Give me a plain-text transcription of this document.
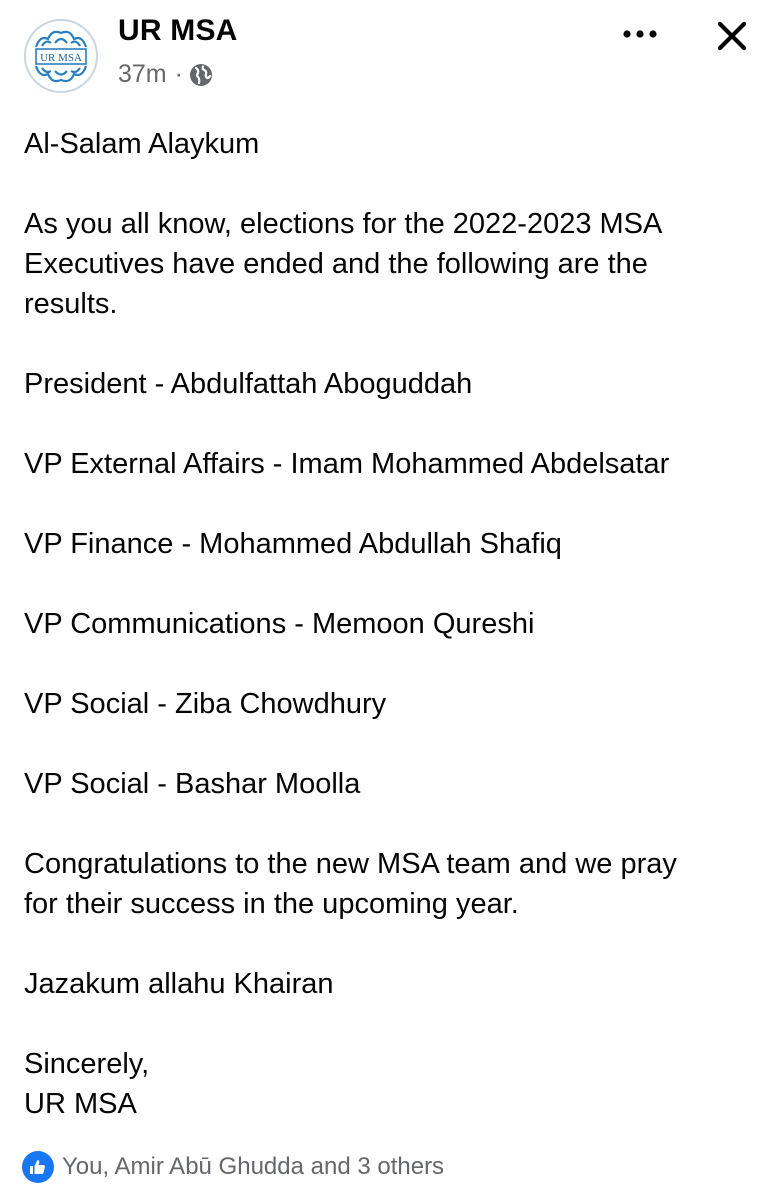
UR MSA
UR MSA
37m ·

Al-Salam Alaykum

As you all know, elections for the 2022-2023 MSA
Executives have ended and the following are the
results.

President - Abdulfattah Aboguddah

VP External Affairs - Imam Mohammed Abdelsatar

VP Finance - Mohammed Abdullah Shafiq

VP Communications - Memoon Qureshi

VP Social - Ziba Chowdhury

VP Social - Bashar Moolla

Congratulations to the new MSA team and we pray
for their success in the upcoming year.

Jazakum allahu Khairan

Sincerely,
UR MSA

You, Amir Abū Ghudda and 3 others
